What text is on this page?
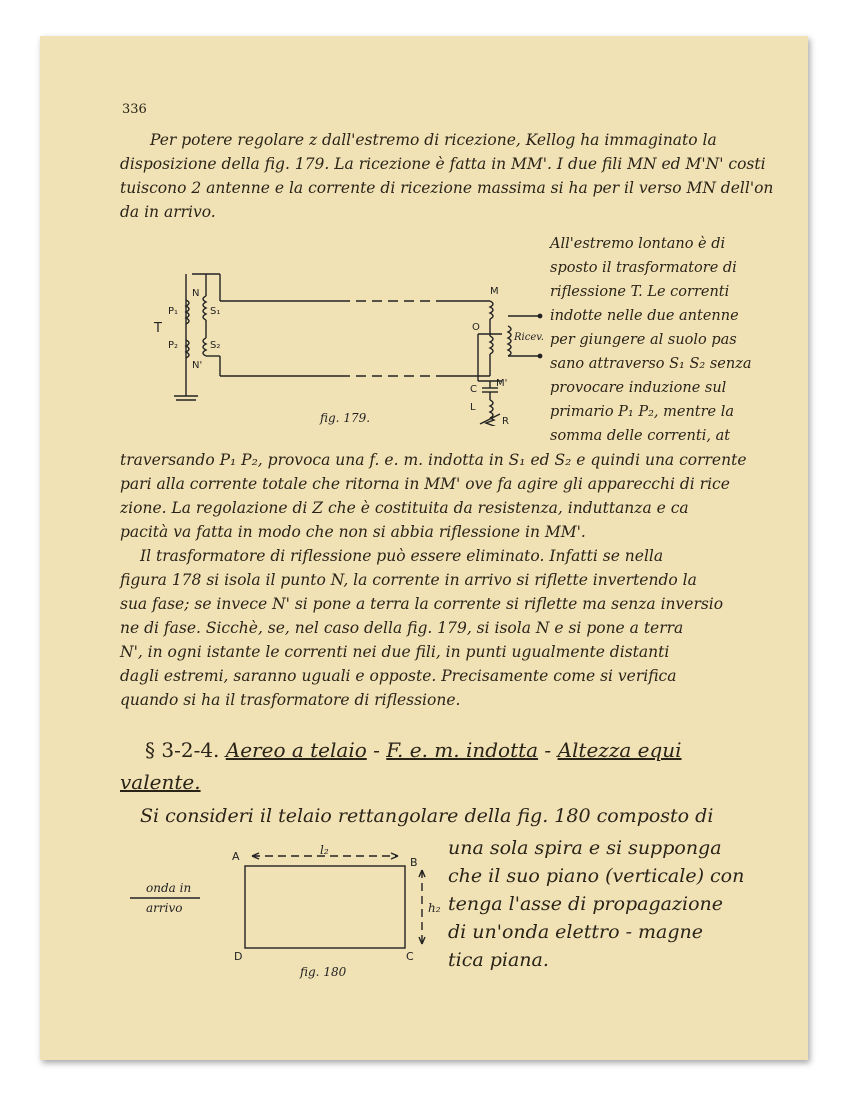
336
Per potere regolare z dall'estremo di ricezione, Kellog ha immaginato la
disposizione della fig. 179. La ricezione è fatta in MM'. I due fili MN ed M'N' costi
tuiscono 2 antenne e la corrente di ricezione massima si ha per il verso MN dell'on
da in arrivo.
All'estremo lontano è di
sposto il trasformatore di
riflessione T. Le correnti
indotte nelle due antenne
per giungere al suolo pas
sano attraverso S₁ S₂ senza
provocare induzione sul
primario P₁ P₂, mentre la
somma delle correnti, at
T
N
N'
P₁
P₂
S₁
S₂
M
O
M'
C
L
R
Ricev.
fig. 179.
traversando P₁ P₂, provoca una f. e. m. indotta in S₁ ed S₂ e quindi una corrente
pari alla corrente totale che ritorna in MM' ove fa agire gli apparecchi di rice
zione. La regolazione di Z che è costituita da resistenza, induttanza e ca
pacità va fatta in modo che non si abbia riflessione in MM'.
Il trasformatore di riflessione può essere eliminato. Infatti se nella
figura 178 si isola il punto N, la corrente in arrivo si riflette invertendo la
sua fase; se invece N' si pone a terra la corrente si riflette ma senza inversio
ne di fase. Sicchè, se, nel caso della fig. 179, si isola N e si pone a terra
N', in ogni istante le correnti nei due fili, in punti ugualmente distanti
dagli estremi, saranno uguali e opposte. Precisamente come si verifica
quando si ha il trasformatore di riflessione.
§ 3-2-4. Aereo a telaio - F. e. m. indotta - Altezza equi
valente.
Si consideri il telaio rettangolare della fig. 180 composto di
una sola spira e si supponga
che il suo piano (verticale) con
tenga l'asse di propagazione
di un'onda elettro - magne
tica piana.
A	B
C
D
l₂
h₂
onda in
arrivo
fig. 180
